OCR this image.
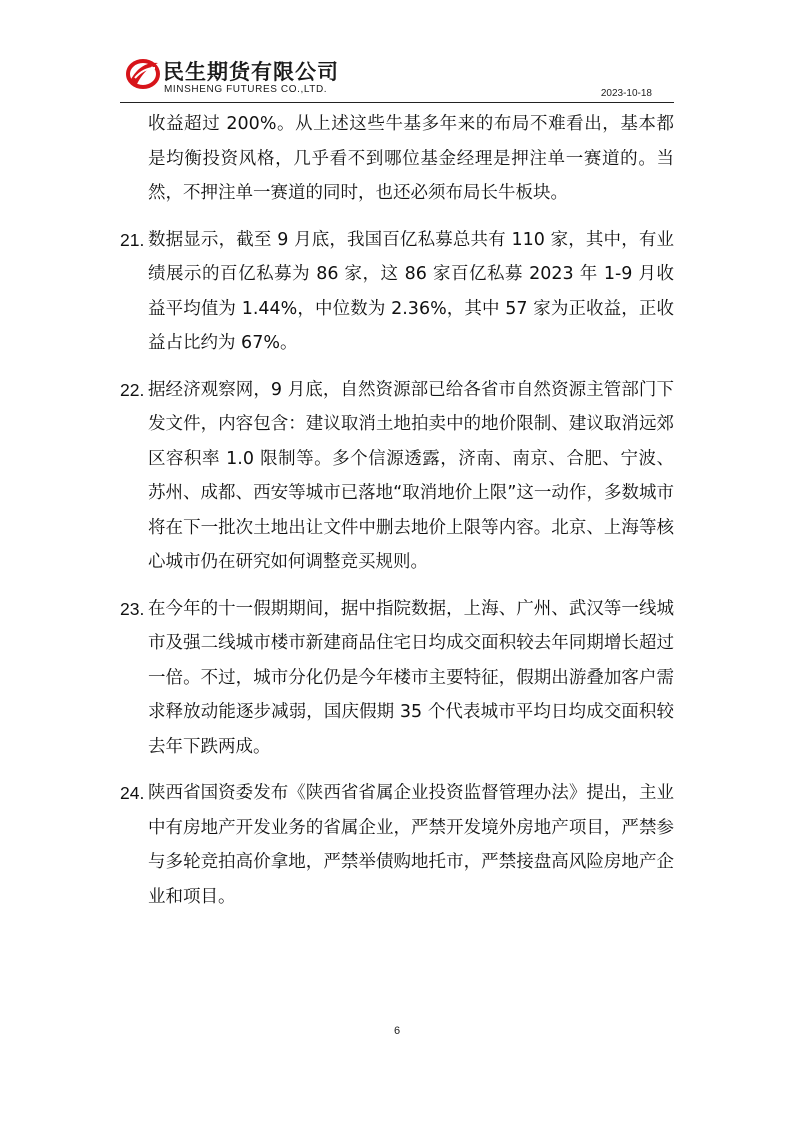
民生期货有限公司
MINSHENG FUTURES CO.,LTD.	2023-10-18

收益超过 200%。从上述这些牛基多年来的布局不难看出，基本都是均衡投资风格，几乎看不到哪位基金经理是押注单一赛道的。当然，不押注单一赛道的同时，也还必须布局长牛板块。

21. 数据显示，截至 9 月底，我国百亿私募总共有 110 家，其中，有业绩展示的百亿私募为 86 家，这 86 家百亿私募 2023 年 1-9 月收益平均值为 1.44%，中位数为 2.36%，其中 57 家为正收益，正收益占比约为 67%。
22. 据经济观察网，9 月底，自然资源部已给各省市自然资源主管部门下发文件，内容包含：建议取消土地拍卖中的地价限制、建议取消远郊区容积率 1.0 限制等。多个信源透露，济南、南京、合肥、宁波、苏州、成都、西安等城市已落地“取消地价上限”这一动作，多数城市将在下一批次土地出让文件中删去地价上限等内容。北京、上海等核心城市仍在研究如何调整竞买规则。
23. 在今年的十一假期期间，据中指院数据，上海、广州、武汉等一线城市及强二线城市楼市新建商品住宅日均成交面积较去年同期增长超过一倍。不过，城市分化仍是今年楼市主要特征，假期出游叠加客户需求释放动能逐步减弱，国庆假期 35 个代表城市平均日均成交面积较去年下跌两成。
24. 陕西省国资委发布《陕西省省属企业投资监督管理办法》提出，主业中有房地产开发业务的省属企业，严禁开发境外房地产项目，严禁参与多轮竞拍高价拿地，严禁举债购地托市，严禁接盘高风险房地产企业和项目。
6
